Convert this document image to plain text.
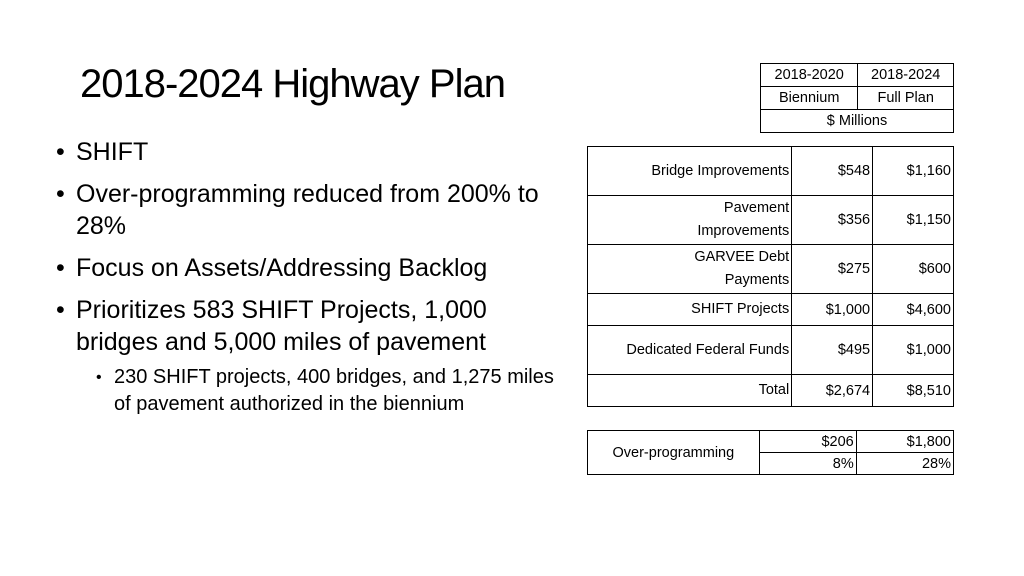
2018-2024 Highway Plan
• SHIFT
• Over-programming reduced from 200% to 28%
• Focus on Assets/Addressing Backlog
• Prioritizes 583 SHIFT Projects, 1,000 bridges and 5,000 miles of pavement
• 230 SHIFT projects, 400 bridges, and 1,275 miles of pavement authorized in the biennium
2018-2020	2018-2024
Biennium	Full Plan
$ Millions	
Bridge Improvements	$548	$1,160
Pavement Improvements	$356	$1,150
GARVEE Debt Payments	$275	$600
SHIFT Projects	$1,000	$4,600
Dedicated Federal Funds	$495	$1,000
Total	$2,674	$8,510
Over-programming	$206	$1,800
	8%	28%
